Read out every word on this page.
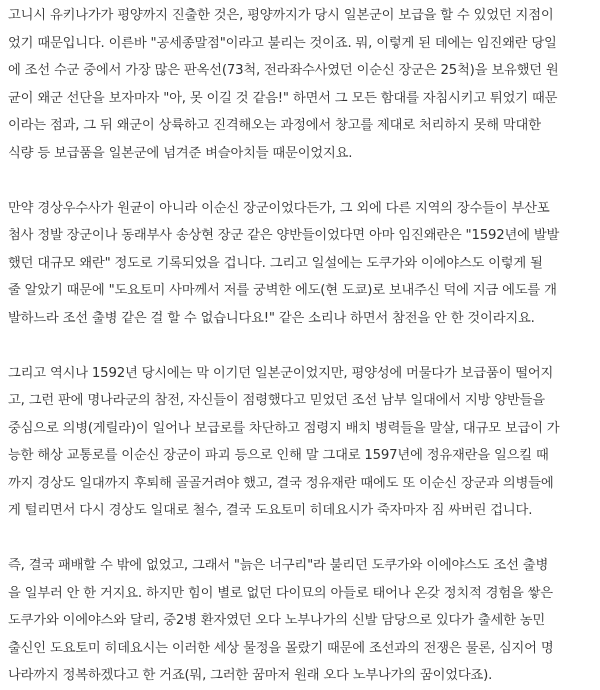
고니시 유키나가가 평양까지 진출한 것은, 평양까지가 당시 일본군이 보급을 할 수 있었던 지점이
었기 때문입니다. 이른바 "공세종말점"이라고 불리는 것이죠. 뭐, 이렇게 된 데에는 임진왜란 당일
에 조선 수군 중에서 가장 많은 판옥선(73척, 전라좌수사였던 이순신 장군은 25척)을 보유했던 원
균이 왜군 선단을 보자마자 "아, 못 이길 것 같음!" 하면서 그 모든 함대를 자침시키고 튀었기 때문
이라는 점과, 그 뒤 왜군이 상륙하고 진격해오는 과정에서 창고를 제대로 처리하지 못해 막대한
식량 등 보급품을 일본군에 넘겨준 벼슬아치들 때문이었지요.
만약 경상우수사가 원균이 아니라 이순신 장군이었다든가, 그 외에 다른 지역의 장수들이 부산포
첨사 정발 장군이나 동래부사 송상현 장군 같은 양반들이었다면 아마 임진왜란은 "1592년에 발발
했던 대규모 왜란" 정도로 기록되었을 겁니다. 그리고 일설에는 도쿠가와 이에야스도 이렇게 될
줄 알았기 때문에 "도요토미 사마께서 저를 궁벽한 에도(현 도쿄)로 보내주신 덕에 지금 에도를 개
발하느라 조선 출병 같은 걸 할 수 없습니다요!" 같은 소리나 하면서 참전을 안 한 것이라지요.
그리고 역시나 1592년 당시에는 막 이기던 일본군이었지만, 평양성에 머물다가 보급품이 떨어지
고, 그런 판에 명나라군의 참전, 자신들이 점령했다고 믿었던 조선 남부 일대에서 지방 양반들을
중심으로 의병(게릴라)이 일어나 보급로를 차단하고 점령지 배치 병력들을 말살, 대규모 보급이 가
능한 해상 교통로를 이순신 장군이 파괴 등으로 인해 말 그대로 1597년에 정유재란을 일으킬 때
까지 경상도 일대까지 후퇴해 골골거려야 했고, 결국 정유재란 때에도 또 이순신 장군과 의병들에
게 털리면서 다시 경상도 일대로 철수, 결국 도요토미 히데요시가 죽자마자 짐 싸버린 겁니다.
즉, 결국 패배할 수 밖에 없었고, 그래서 "늙은 너구리"라 불리던 도쿠가와 이에야스도 조선 출병
을 일부러 안 한 거지요. 하지만 힘이 별로 없던 다이묘의 아들로 태어나 온갖 정치적 경험을 쌓은
도쿠가와 이에야스와 달리, 중2병 환자였던 오다 노부나가의 신발 담당으로 있다가 출세한 농민
출신인 도요토미 히데요시는 이러한 세상 물정을 몰랐기 때문에 조선과의 전쟁은 물론, 심지어 명
나라까지 정복하겠다고 한 거죠(뭐, 그러한 꿈마저 원래 오다 노부나가의 꿈이었다죠).
